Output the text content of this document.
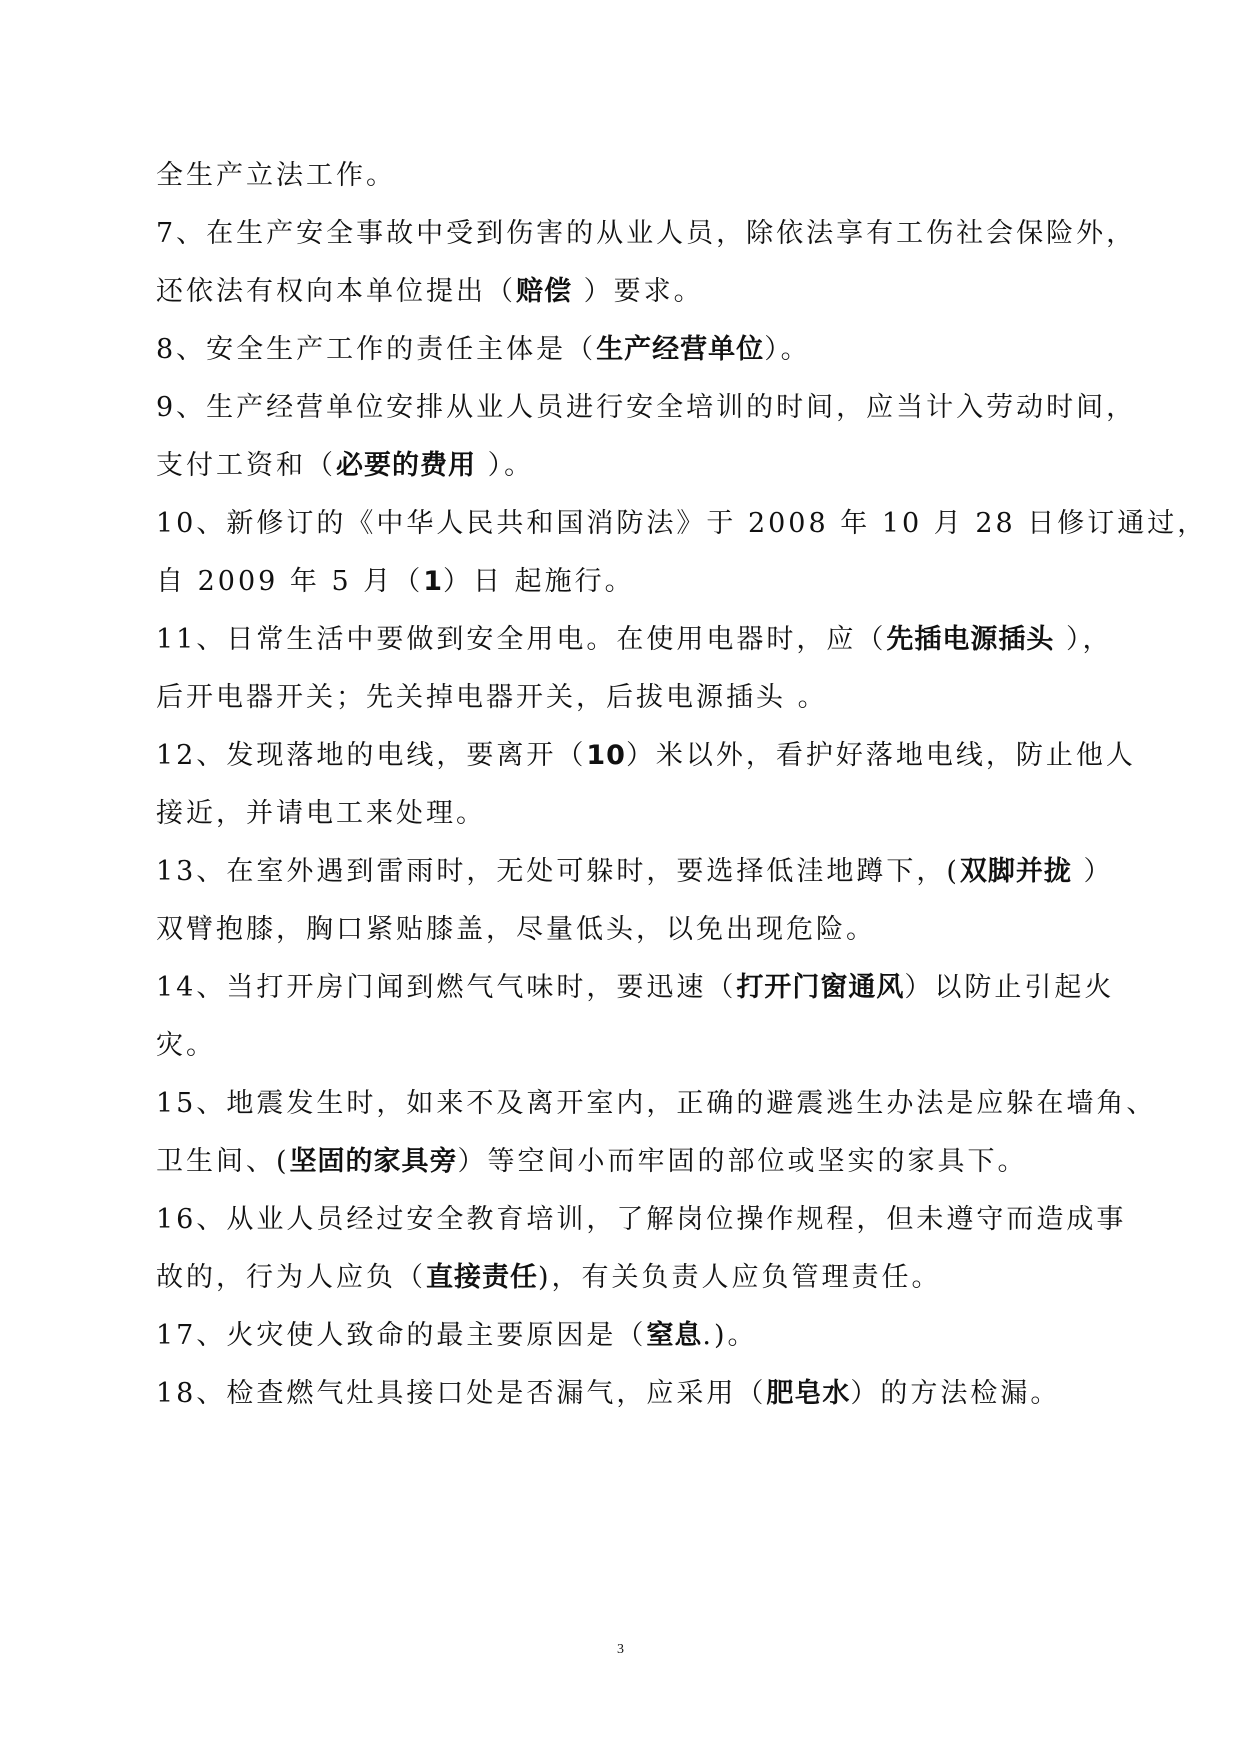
全生产立法工作。
7、在生产安全事故中受到伤害的从业人员，除依法享有工伤社会保险外，
还依法有权向本单位提出（赔偿 ）要求。
8、安全生产工作的责任主体是（生产经营单位）。
9、生产经营单位安排从业人员进行安全培训的时间，应当计入劳动时间，
支付工资和（必要的费用 ）。
10、新修订的《中华人民共和国消防法》于 2008 年 10 月 28 日修订通过，
自 2009 年 5 月（1）日 起施行。
11、日常生活中要做到安全用电。在使用电器时，应（先插电源插头 ），
后开电器开关；先关掉电器开关，后拔电源插头 。
12、发现落地的电线，要离开（10）米以外，看护好落地电线，防止他人
接近，并请电工来处理。
13、在室外遇到雷雨时，无处可躲时，要选择低洼地蹲下，(双脚并拢 ）
双臂抱膝，胸口紧贴膝盖，尽量低头，以免出现危险。
14、当打开房门闻到燃气气味时，要迅速（打开门窗通风）以防止引起火
灾。
15、地震发生时，如来不及离开室内，正确的避震逃生办法是应躲在墙角、
卫生间、(坚固的家具旁）等空间小而牢固的部位或坚实的家具下。
16、从业人员经过安全教育培训，了解岗位操作规程，但未遵守而造成事
故的，行为人应负（直接责任)，有关负责人应负管理责任。
17、火灾使人致命的最主要原因是（窒息.)。
18、检查燃气灶具接口处是否漏气，应采用（肥皂水）的方法检漏。
3
